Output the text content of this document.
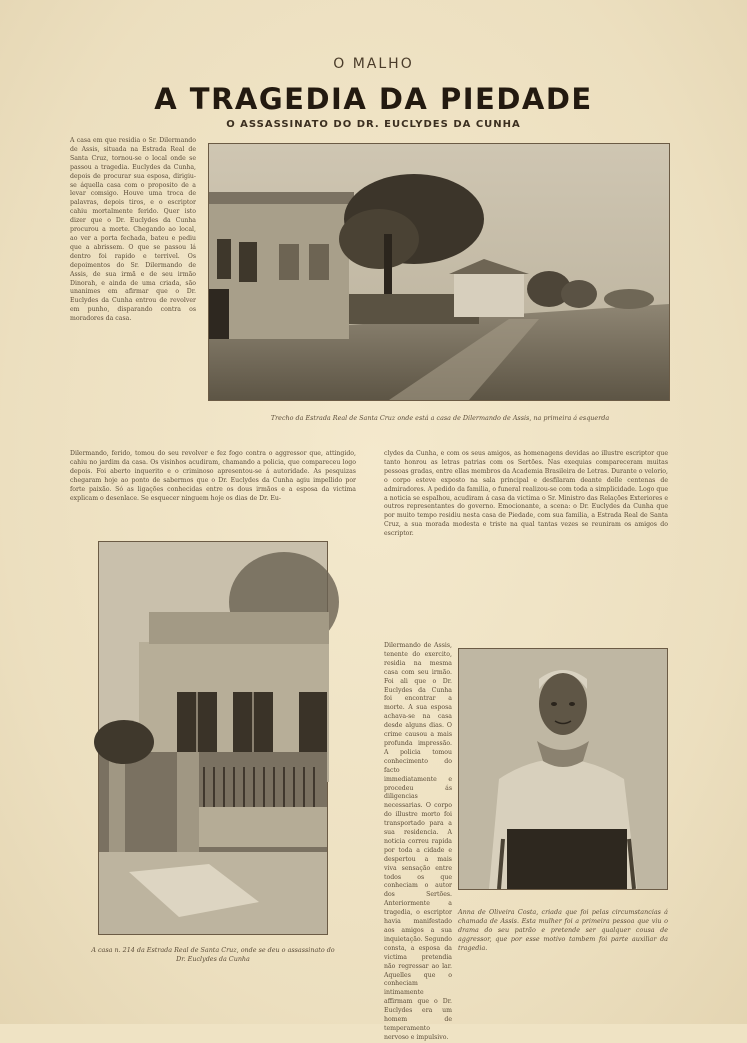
O MALHO
A TRAGEDIA DA PIEDADE
O ASSASSINATO DO DR. EUCLYDES DA CUNHA
A casa em que residia o Sr. Dilermando de Assis, situada na Estrada Real de Santa Cruz, tornou-se o local onde se passou a tragedia. Euclydes da Cunha, depois de procurar sua esposa, dirigiu-se áquella casa com o proposito de a levar comsigo. Houve uma troca de palavras, depois tiros, e o escriptor cahiu mortalmente ferido. Quer isto dizer que o Dr. Euclydes da Cunha procurou a morte. Chegando ao local, ao ver a porta fechada, bateu e pediu que a abrissem. O que se passou lá dentro foi rapido e terrivel. Os depoimentos do Sr. Dilermando de Assis, de sua irmã e de seu irmão Dinorah, e ainda de uma criada, são unanimes em afirmar que o Dr. Euclydes da Cunha entrou de revolver em punho, disparando contra os moradores da casa.
Trecho da Estrada Real de Santa Cruz onde está a casa de Dilermando de Assis, na primeira á esquerda
Dilermando, ferido, tomou do seu revolver e fez fogo contra o aggressor que, attingido, cahiu no jardim da casa. Os visinhos acudiram, chamando a policia, que compareceu logo depois. Foi aberto inquerito e o criminoso apresentou-se á autoridade. As pesquizas chegaram hoje ao ponto de sabermos que o Dr. Euclydes da Cunha agiu impellido por forte paixão. Só as ligações conhecidas entre os dous irmãos e a esposa da victima explicam o desenlace. Se esquecer ninguem hoje os dias de Dr. Eu-
clydes da Cunha, e com os seus amigos, as homenagens devidas ao illustre escriptor que tanto honrou as letras patrias com os Sertões. Nas exequias compareceram muitas pessoas gradas, entre ellas membros da Academia Brasileira de Letras. Durante o velorio, o corpo esteve exposto na sala principal e desfilaram deante delle centenas de admiradores. A pedido da familia, o funeral realizou-se com toda a simplicidade. Logo que a noticia se espalhou, acudiram á casa da victima o Sr. Ministro das Relações Exteriores e outros representantes do governo. Emocionante, a scena: o Dr. Euclydes da Cunha que por muito tempo residiu nesta casa de Piedade, com sua familia, a Estrada Real de Santa Cruz, a sua morada modesta e triste na qual tantas vezes se reuniram os amigos do escriptor.
A casa n. 214 da Estrada Real de Santa Cruz, onde se deu o assassinato do Dr. Euclydes da Cunha
Dilermando de Assis, tenente do exercito, residia na mesma casa com seu irmão. Foi ali que o Dr. Euclydes da Cunha foi encontrar a morte. A sua esposa achava-se na casa desde alguns dias. O crime causou a mais profunda impressão. A policia tomou conhecimento do facto immediatamente e procedeu ás diligencias necessarias. O corpo do illustre morto foi transportado para a sua residencia. A noticia correu rapida por toda a cidade e despertou a mais viva sensação entre todos os que conheciam o autor dos Sertões. Anteriormente a tragedia, o escriptor havia manifestado aos amigos a sua inquietação. Segundo consta, a esposa da victima pretendia não regressar ao lar. Aquelles que o conheciam intimamente affirmam que o Dr. Euclydes era um homem de temperamento nervoso e impulsivo.
Anna de Oliveira Costa, criada que foi pelas circumstancias á chamada de Assis. Esta mulher foi a primeira pessoa que viu o drama do seu patrão e pretende ser qualquer cousa de aggressor, que por esse motivo tambem foi parte auxiliar da tragedia.
